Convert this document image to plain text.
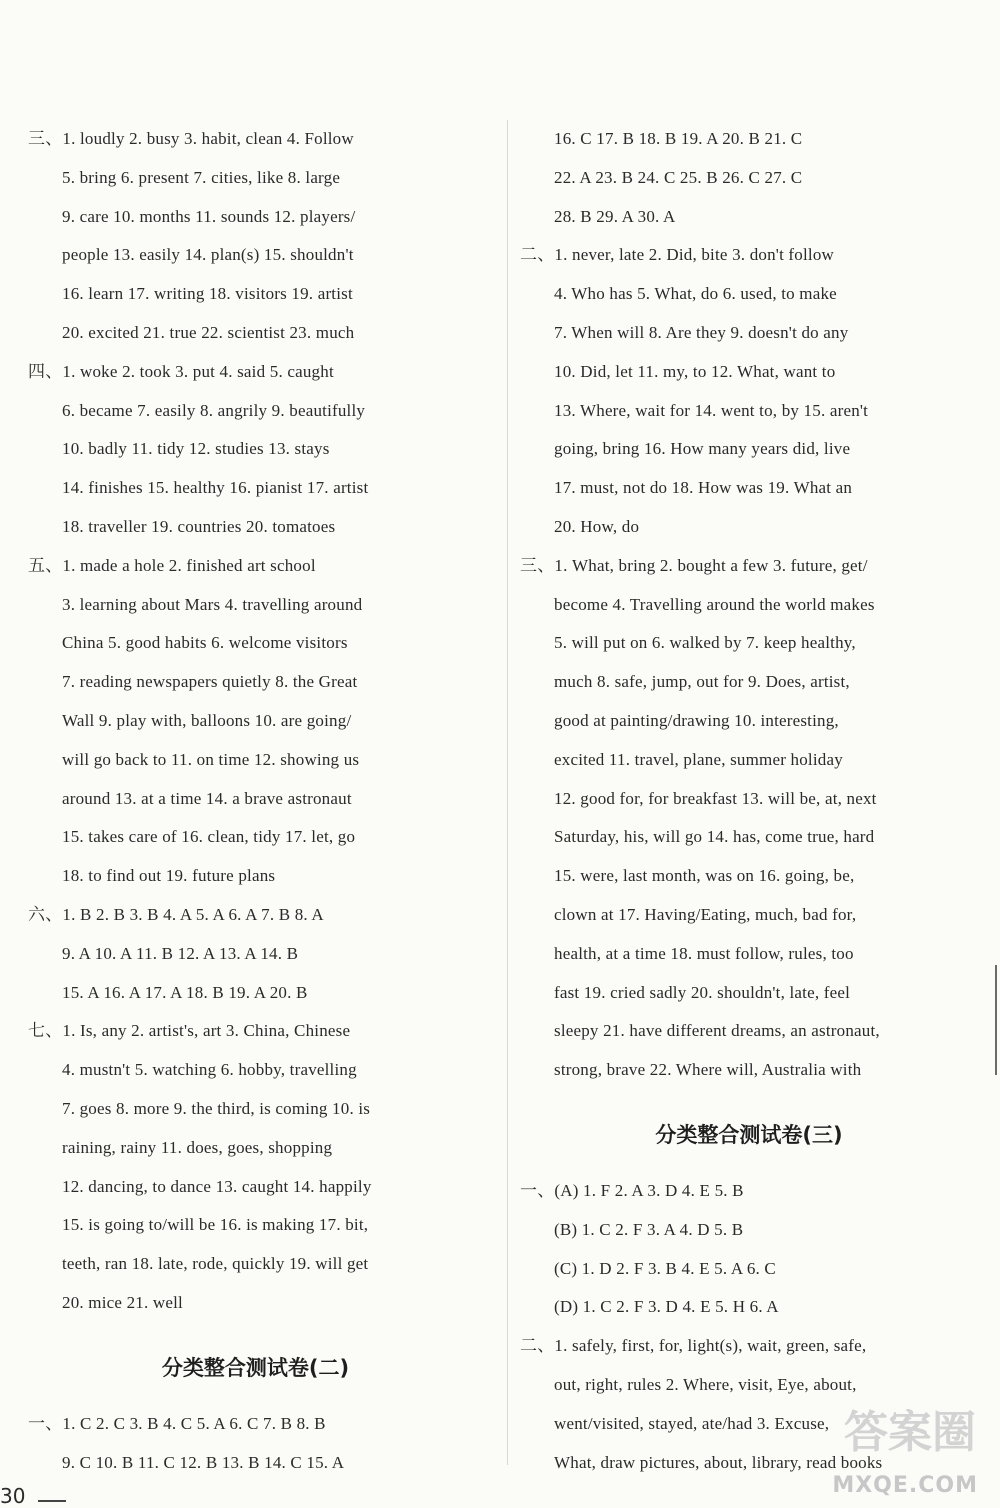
三、1. loudly 2. busy 3. habit, clean 4. Follow
5. bring 6. present 7. cities, like 8. large
9. care 10. months 11. sounds 12. players/
people 13. easily 14. plan(s) 15. shouldn't
16. learn 17. writing 18. visitors 19. artist
20. excited 21. true 22. scientist 23. much
四、1. woke 2. took 3. put 4. said 5. caught
6. became 7. easily 8. angrily 9. beautifully
10. badly 11. tidy 12. studies 13. stays
14. finishes 15. healthy 16. pianist 17. artist
18. traveller 19. countries 20. tomatoes
五、1. made a hole 2. finished art school
3. learning about Mars 4. travelling around
China 5. good habits 6. welcome visitors
7. reading newspapers quietly 8. the Great
Wall 9. play with, balloons 10. are going/
will go back to 11. on time 12. showing us
around 13. at a time 14. a brave astronaut
15. takes care of 16. clean, tidy 17. let, go
18. to find out 19. future plans
六、1. B 2. B 3. B 4. A 5. A 6. A 7. B 8. A
9. A 10. A 11. B 12. A 13. A 14. B
15. A 16. A 17. A 18. B 19. A 20. B
七、1. Is, any 2. artist's, art 3. China, Chinese
4. mustn't 5. watching 6. hobby, travelling
7. goes 8. more 9. the third, is coming 10. is
raining, rainy 11. does, goes, shopping
12. dancing, to dance 13. caught 14. happily
15. is going to/will be 16. is making 17. bit,
teeth, ran 18. late, rode, quickly 19. will get
20. mice 21. well
分类整合测试卷(二)
一、1. C 2. C 3. B 4. C 5. A 6. C 7. B 8. B
9. C 10. B 11. C 12. B 13. B 14. C 15. A
16. C 17. B 18. B 19. A 20. B 21. C
22. A 23. B 24. C 25. B 26. C 27. C
28. B 29. A 30. A
二、1. never, late 2. Did, bite 3. don't follow
4. Who has 5. What, do 6. used, to make
7. When will 8. Are they 9. doesn't do any
10. Did, let 11. my, to 12. What, want to
13. Where, wait for 14. went to, by 15. aren't
going, bring 16. How many years did, live
17. must, not do 18. How was 19. What an
20. How, do
三、1. What, bring 2. bought a few 3. future, get/
become 4. Travelling around the world makes
5. will put on 6. walked by 7. keep healthy,
much 8. safe, jump, out for 9. Does, artist,
good at painting/drawing 10. interesting,
excited 11. travel, plane, summer holiday
12. good for, for breakfast 13. will be, at, next
Saturday, his, will go 14. has, come true, hard
15. were, last month, was on 16. going, be,
clown at 17. Having/Eating, much, bad for,
health, at a time 18. must follow, rules, too
fast 19. cried sadly 20. shouldn't, late, feel
sleepy 21. have different dreams, an astronaut,
strong, brave 22. Where will, Australia with
分类整合测试卷(三)
一、(A) 1. F 2. A 3. D 4. E 5. B
(B) 1. C 2. F 3. A 4. D 5. B
(C) 1. D 2. F 3. B 4. E 5. A 6. C
(D) 1. C 2. F 3. D 4. E 5. H 6. A
二、1. safely, first, for, light(s), wait, green, safe,
out, right, rules 2. Where, visit, Eye, about,
went/visited, stayed, ate/had 3. Excuse,
What, draw pictures, about, library, read books
30
答案圈
MXQE.COM
